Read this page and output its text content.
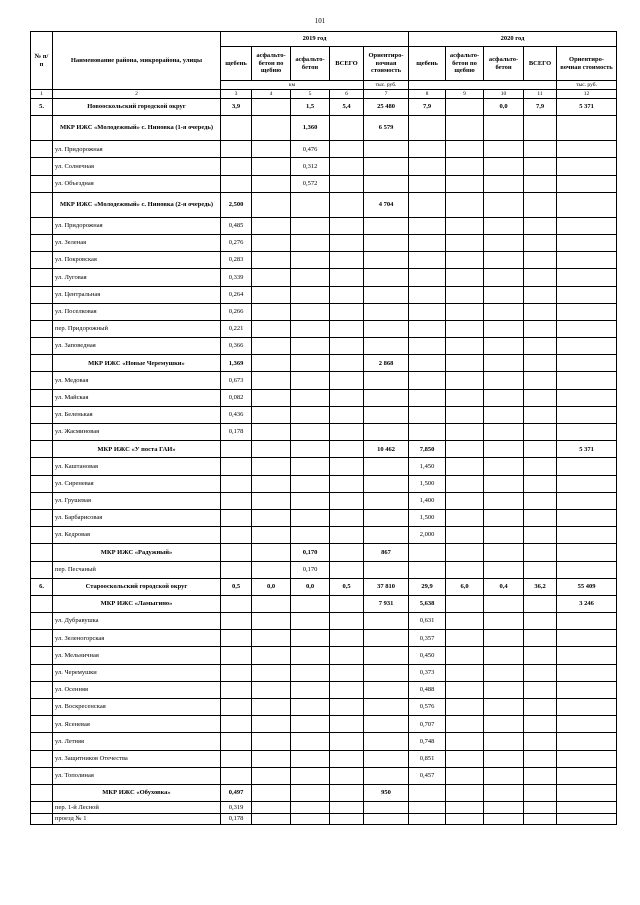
101
№ п/п	Наименование района, микрорайона, улицы	2019 год					2020 год				
		щебень	асфальто-бетон по щебню	асфальто-бетон	ВСЕГО	Ориентиро-вочная стоимость	щебень	асфальто-бетон по щебню	асфальто-бетон	ВСЕГО	Ориентиро-вочная стоимость
		км				тыс. руб.					тыс. руб.
1	2	3	4	5	6	7	8	9	10	11	12
5.	Новооскольский городской округ	3,9		1,5	5,4	25 480	7,9		0,0	7,9	5 371
	МКР ИЖС «Молодежный» с. Ниновка (1-я очередь)			1,360		6 579					
	ул. Придорожная			0,476							
	ул. Солнечная			0,312							
	ул. Объездная			0,572							
	МКР ИЖС «Молодежный» с. Ниновка (2-я очередь)	2,500				4 704					
	ул. Придорожная	0,485									
	ул. Зеленая	0,276									
	ул. Покровская	0,283									
	ул. Луговая	0,339									
	ул. Центральная	0,264									
	ул. Поселковая	0,266									
	пер. Придорожный	0,221									
	ул. Заповедная	0,366									
	МКР ИЖС «Новые Черемушки»	1,369				2 868					
	ул. Медовая	0,673									
	ул. Майская	0,082									
	ул. Беленькая	0,436									
	ул. Жасминовая	0,178									
	МКР ИЖС «У поста ГАИ»					10 462	7,850				5 371
	ул. Каштановая						1,450				
	ул. Сиреневая						1,500				
	ул. Грушевая						1,400				
	ул. Барбарисовая						1,500				
	ул. Кедровая						2,000				
	МКР ИЖС «Радужный»			0,170		867					
	пер. Песчаный			0,170							
6.	Старооскольский городской округ	0,5	0,0	0,0	0,5	37 810	29,9	6,0	0,4	36,2	55 409
	МКР ИЖС «Ламыгино»					7 931	5,638				3 246
	ул. Дубравушка						0,631				
	ул. Зеленогорская						0,357				
	ул. Мельничная						0,450				
	ул. Черемушки						0,373				
	ул. Осенняя						0,488				
	ул. Воскресенская						0,576				
	ул. Ясеневая						0,707				
	ул. Летняя						0,748				
	ул. Защитников Отечества						0,851				
	ул. Тополиная						0,457				
	МКР ИЖС «Обуховка»	0,497				950					
	пер. 1-й Лесной	0,319									
	проезд № 1	0,178									
